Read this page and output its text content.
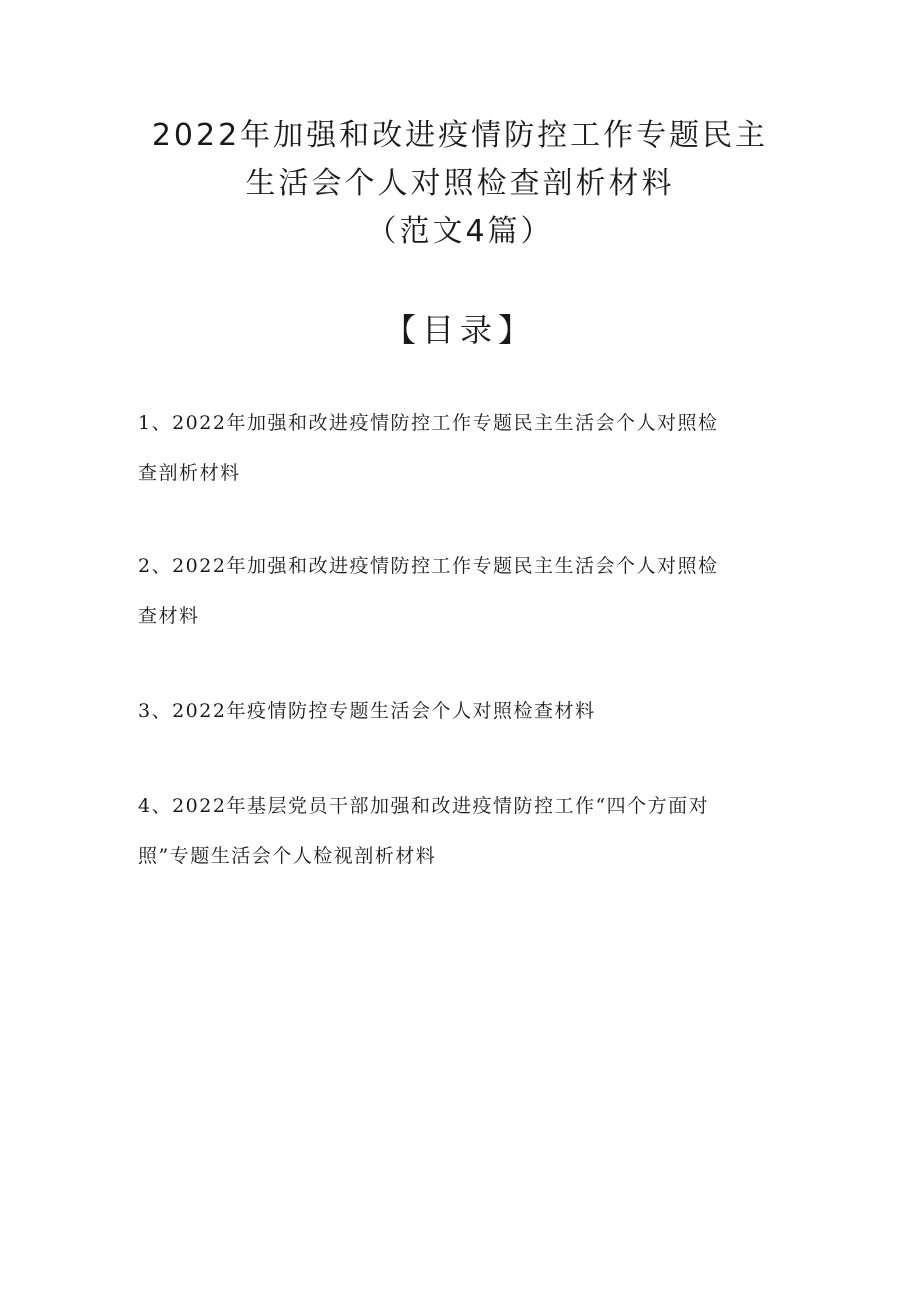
2022年加强和改进疫情防控工作专题民主
生活会个人对照检查剖析材料
（范文4篇）
【目录】
1、2022年加强和改进疫情防控工作专题民主生活会个人对照检
查剖析材料
2、2022年加强和改进疫情防控工作专题民主生活会个人对照检
查材料
3、2022年疫情防控专题生活会个人对照检查材料
4、2022年基层党员干部加强和改进疫情防控工作“四个方面对
照”专题生活会个人检视剖析材料
